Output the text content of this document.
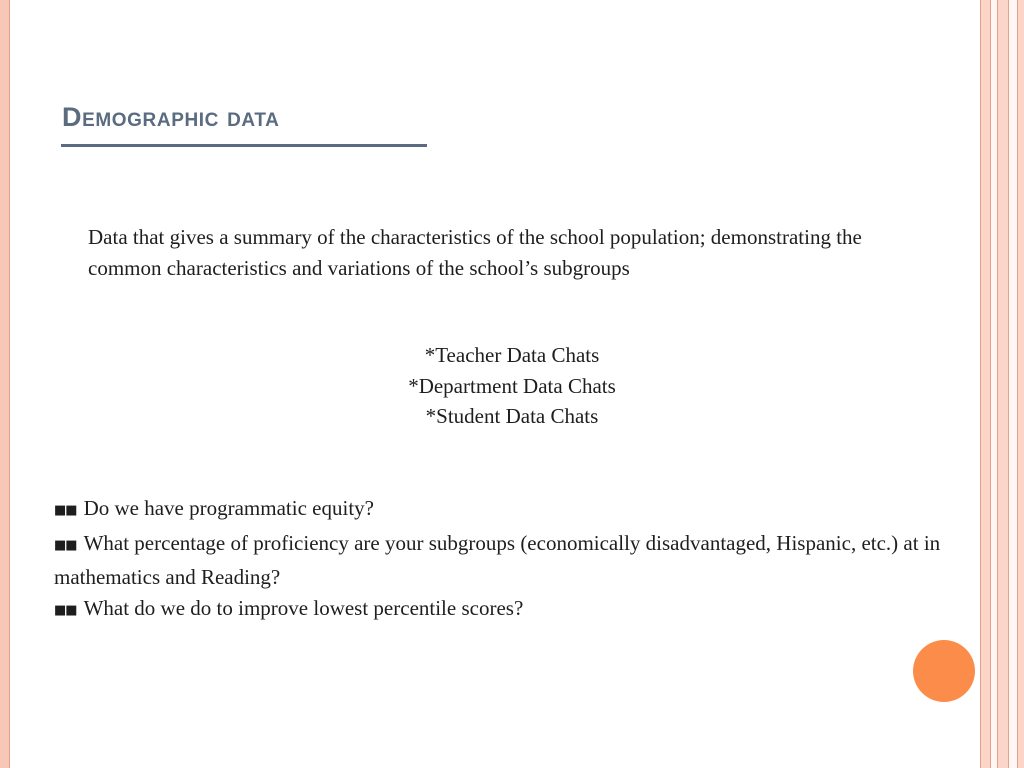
Demographic data

Data that gives a summary of the characteristics of the school population; demonstrating the common characteristics and variations of the school’s subgroups

*Teacher Data Chats
*Department Data Chats
*Student Data Chats

■■ Do we have programmatic equity?

■■ What percentage of proficiency are your subgroups (economically disadvantaged, Hispanic, etc.) at in mathematics and Reading?

■■ What do we do to improve lowest percentile scores?
